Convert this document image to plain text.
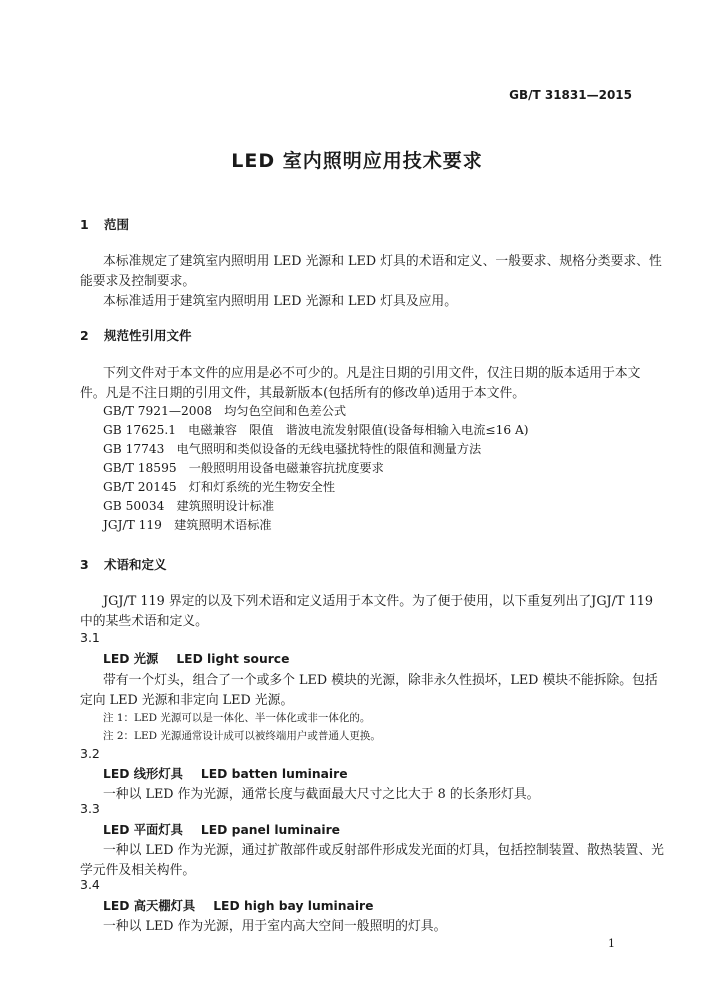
GB/T 31831—2015
LED 室内照明应用技术要求
1 范围
本标准规定了建筑室内照明用 LED 光源和 LED 灯具的术语和定义、一般要求、规格分类要求、性
能要求及控制要求。
本标准适用于建筑室内照明用 LED 光源和 LED 灯具及应用。
2 规范性引用文件
下列文件对于本文件的应用是必不可少的。凡是注日期的引用文件，仅注日期的版本适用于本文
件。凡是不注日期的引用文件，其最新版本(包括所有的修改单)适用于本文件。
GB/T 7921—2008　均匀色空间和色差公式
GB 17625.1　电磁兼容　限值　谐波电流发射限值(设备每相输入电流≤16 A)
GB 17743　电气照明和类似设备的无线电骚扰特性的限值和测量方法
GB/T 18595　一般照明用设备电磁兼容抗扰度要求
GB/T 20145　灯和灯系统的光生物安全性
GB 50034　建筑照明设计标准
JGJ/T 119　建筑照明术语标准
3 术语和定义
JGJ/T 119 界定的以及下列术语和定义适用于本文件。为了便于使用，以下重复列出了JGJ/T 119
中的某些术语和定义。
3.1
LED 光源 LED light source
带有一个灯头，组合了一个或多个 LED 模块的光源，除非永久性损坏，LED 模块不能拆除。包括
定向 LED 光源和非定向 LED 光源。
注 1：LED 光源可以是一体化、半一体化或非一体化的。
注 2：LED 光源通常设计成可以被终端用户或普通人更换。
3.2
LED 线形灯具 LED batten luminaire
一种以 LED 作为光源，通常长度与截面最大尺寸之比大于 8 的长条形灯具。
3.3
LED 平面灯具 LED panel luminaire
一种以 LED 作为光源，通过扩散部件或反射部件形成发光面的灯具，包括控制装置、散热装置、光
学元件及相关构件。
3.4
LED 高天棚灯具 LED high bay luminaire
一种以 LED 作为光源，用于室内高大空间一般照明的灯具。
1
